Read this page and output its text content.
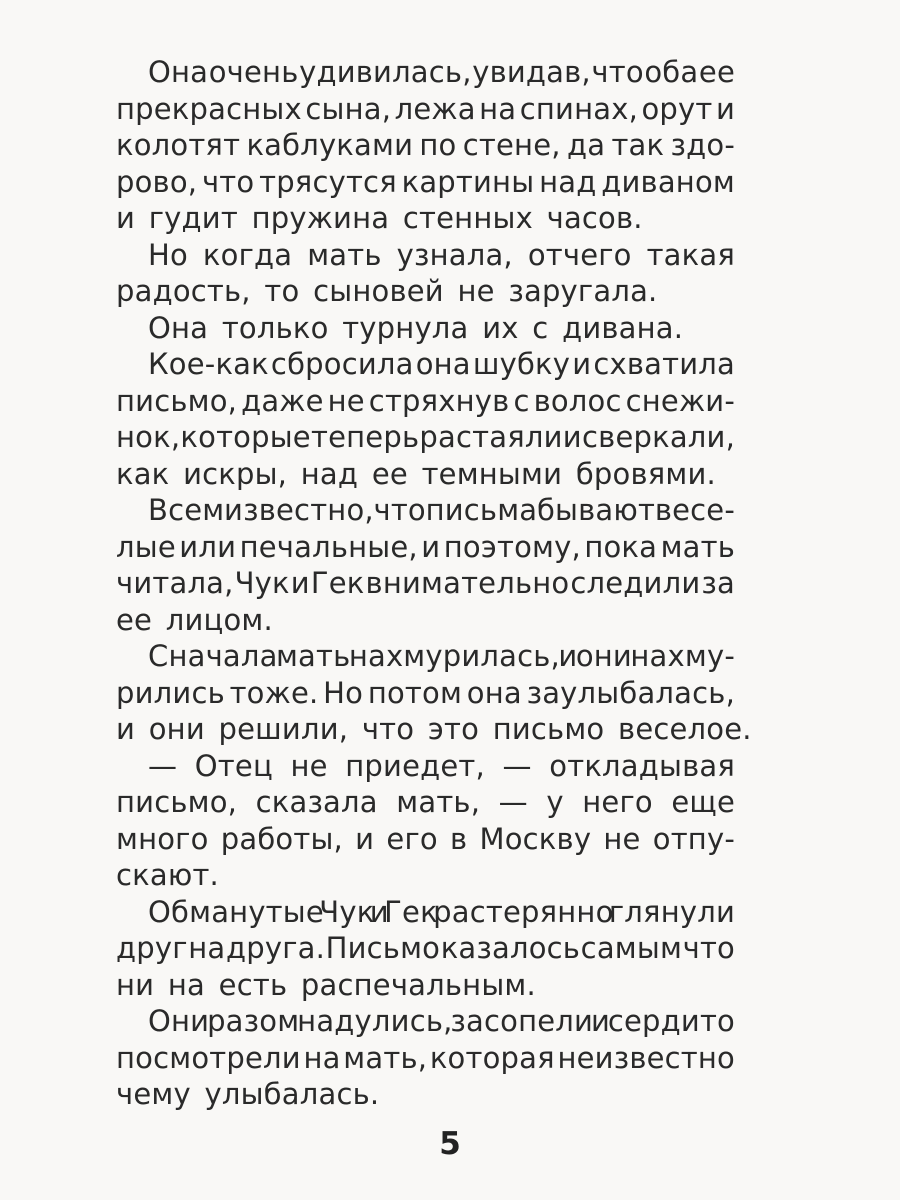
Она очень удивилась, увидав, что оба ее
прекрасных сына, лежа на спинах, орут и
колотят каблуками по стене, да так здо-
рово, что трясутся картины над диваном
и гудит пружина стенных часов.
Но когда мать узнала, отчего такая
радость, то сыновей не заругала.
Она только турнула их с дивана.
Кое-как сбросила она шубку и схватила
письмо, даже не стряхнув с волос снежи-
нок, которые теперь растаяли и сверкали,
как искры, над ее темными бровями.
Всем известно, что письма бывают весе-
лые или печальные, и поэтому, пока мать
читала, Чук и Гек внимательно следили за
ее лицом.
Сначала
мать
нахмурилась,
и
они
нахму-
рились тоже. Но потом она заулыбалась,
и они решили, что это письмо веселое.
— Отец не приедет, — откладывая
письмо, сказала мать, — у него еще
много работы, и его в Москву не отпу-
скают.
Обманутые
Чук
и
Гек
растерянно
глянули
друг на друга. Письмо казалось самым что
ни на есть распечальным.
Они
разом
надулись,
засопели
и
сердито
посмотрели на мать, которая неизвестно
чему улыбалась.
5
